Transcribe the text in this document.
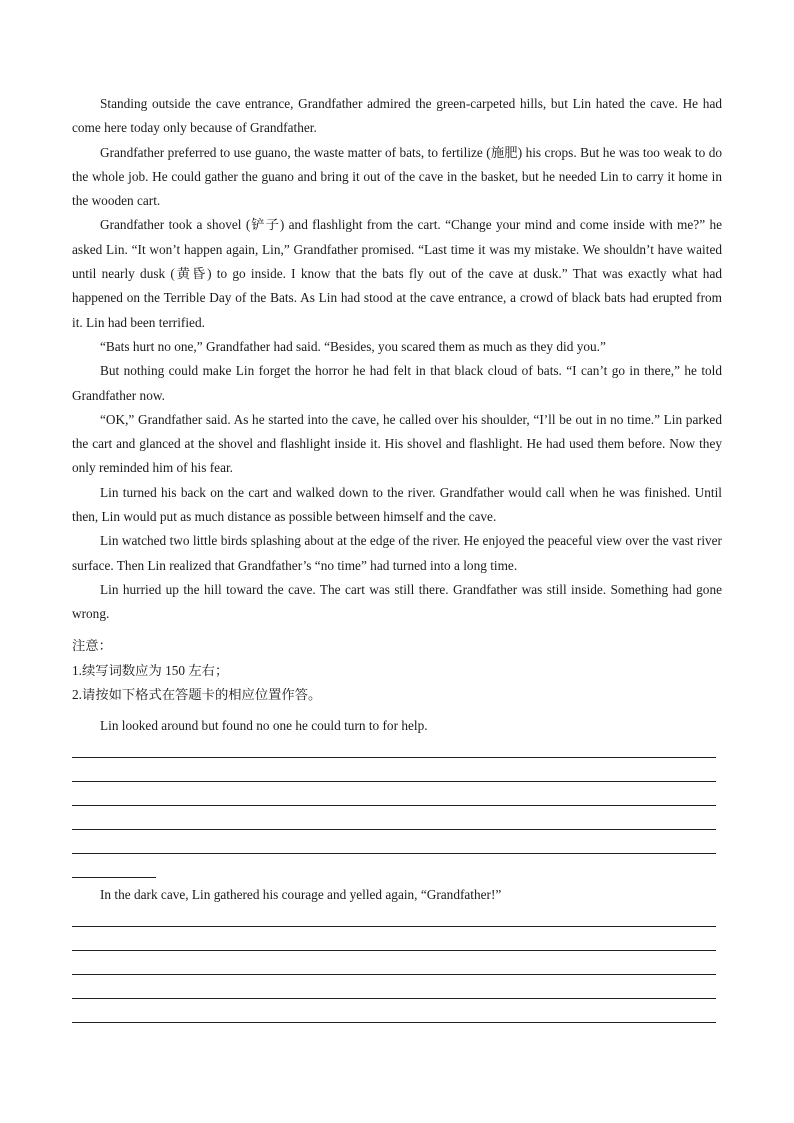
Standing outside the cave entrance, Grandfather admired the green-carpeted hills, but Lin hated the cave. He had come here today only because of Grandfather.

Grandfather preferred to use guano, the waste matter of bats, to fertilize (施肥) his crops. But he was too weak to do the whole job. He could gather the guano and bring it out of the cave in the basket, but he needed Lin to carry it home in the wooden cart.

Grandfather took a shovel (铲子) and flashlight from the cart. “Change your mind and come inside with me?” he asked Lin. “It won’t happen again, Lin,” Grandfather promised. “Last time it was my mistake. We shouldn’t have waited until nearly dusk (黄昏) to go inside. I know that the bats fly out of the cave at dusk.” That was exactly what had happened on the Terrible Day of the Bats. As Lin had stood at the cave entrance, a crowd of black bats had erupted from it. Lin had been terrified.

“Bats hurt no one,” Grandfather had said. “Besides, you scared them as much as they did you.”

But nothing could make Lin forget the horror he had felt in that black cloud of bats. “I can’t go in there,” he told Grandfather now.

“OK,” Grandfather said. As he started into the cave, he called over his shoulder, “I’ll be out in no time.” Lin parked the cart and glanced at the shovel and flashlight inside it. His shovel and flashlight. He had used them before. Now they only reminded him of his fear.

Lin turned his back on the cart and walked down to the river. Grandfather would call when he was finished. Until then, Lin would put as much distance as possible between himself and the cave.

Lin watched two little birds splashing about at the edge of the river. He enjoyed the peaceful view over the vast river surface. Then Lin realized that Grandfather’s “no time” had turned into a long time.

Lin hurried up the hill toward the cave. The cart was still there. Grandfather was still inside. Something had gone wrong.

注意：
1.续写词数应为 150 左右；
2.请按如下格式在答题卡的相应位置作答。
Lin looked around but found no one he could turn to for help.
In the dark cave, Lin gathered his courage and yelled again, “Grandfather!”
